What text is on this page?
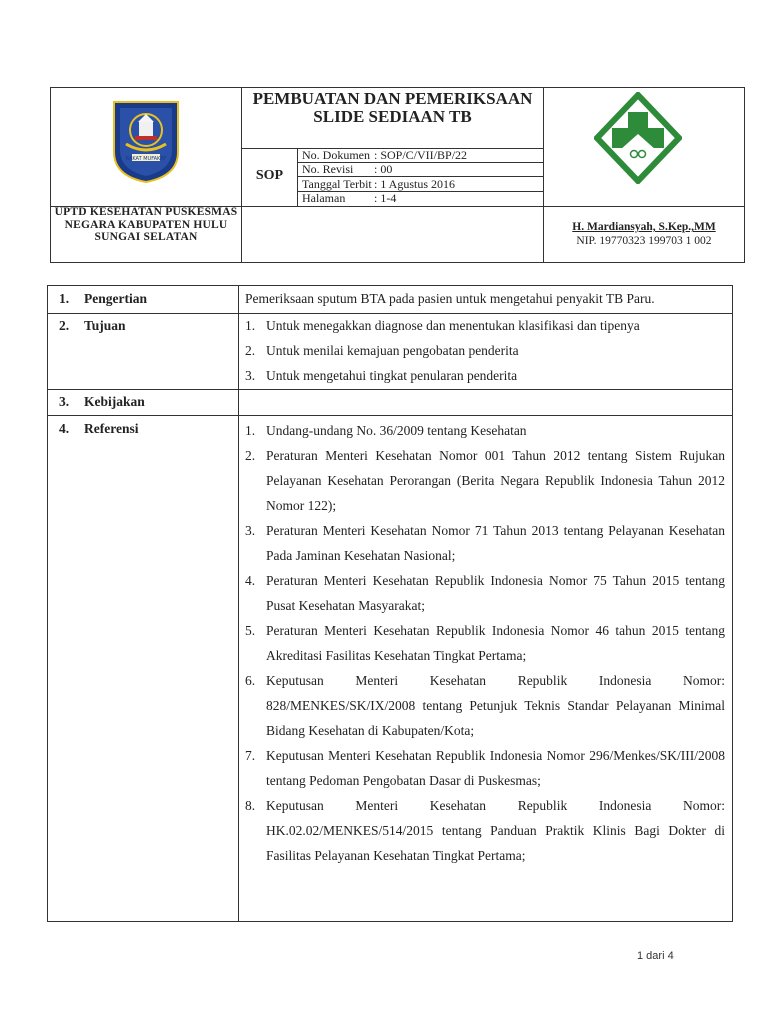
RAKAT MUFAKAT
PEMBUATAN DAN PEMERIKSAAN SLIDE SEDIAAN TB
SOP
No. Dokumen : SOP/C/VII/BP/22
No. Revisi : 00
Tanggal Terbit : 1 Agustus 2016
Halaman : 1-4
UPTD KESEHATAN PUSKESMAS NEGARA KABUPATEN HULU SUNGAI SELATAN
H. Mardiansyah, S.Kep.,MM
NIP. 19770323 199703 1 002
1. Pengertian	Pemeriksaan sputum BTA pada pasien untuk mengetahui penyakit TB Paru.
2. Tujuan	1. Untuk menegakkan diagnose dan menentukan klasifikasi dan tipenya
2. Untuk menilai kemajuan pengobatan penderita
3. Untuk mengetahui tingkat penularan penderita
3. Kebijakan
4. Referensi	1. Undang-undang No. 36/2009 tentang Kesehatan
2. Peraturan Menteri Kesehatan Nomor 001 Tahun 2012 tentang Sistem Rujukan Pelayanan Kesehatan Perorangan (Berita Negara Republik Indonesia Tahun 2012 Nomor 122);
3. Peraturan Menteri Kesehatan Nomor 71 Tahun 2013 tentang Pelayanan Kesehatan Pada Jaminan Kesehatan Nasional;
4. Peraturan Menteri Kesehatan Republik Indonesia Nomor 75 Tahun 2015 tentang Pusat Kesehatan Masyarakat;
5. Peraturan Menteri Kesehatan Republik Indonesia Nomor 46 tahun 2015 tentang Akreditasi Fasilitas Kesehatan Tingkat Pertama;
6. Keputusan Menteri Kesehatan Republik Indonesia Nomor: 828/MENKES/SK/IX/2008 tentang Petunjuk Teknis Standar Pelayanan Minimal Bidang Kesehatan di Kabupaten/Kota;
7. Keputusan Menteri Kesehatan Republik Indonesia Nomor 296/Menkes/SK/III/2008 tentang Pedoman Pengobatan Dasar di Puskesmas;
8. Keputusan Menteri Kesehatan Republik Indonesia Nomor: HK.02.02/MENKES/514/2015 tentang Panduan Praktik Klinis Bagi Dokter di Fasilitas Pelayanan Kesehatan Tingkat Pertama;
1 dari 4
